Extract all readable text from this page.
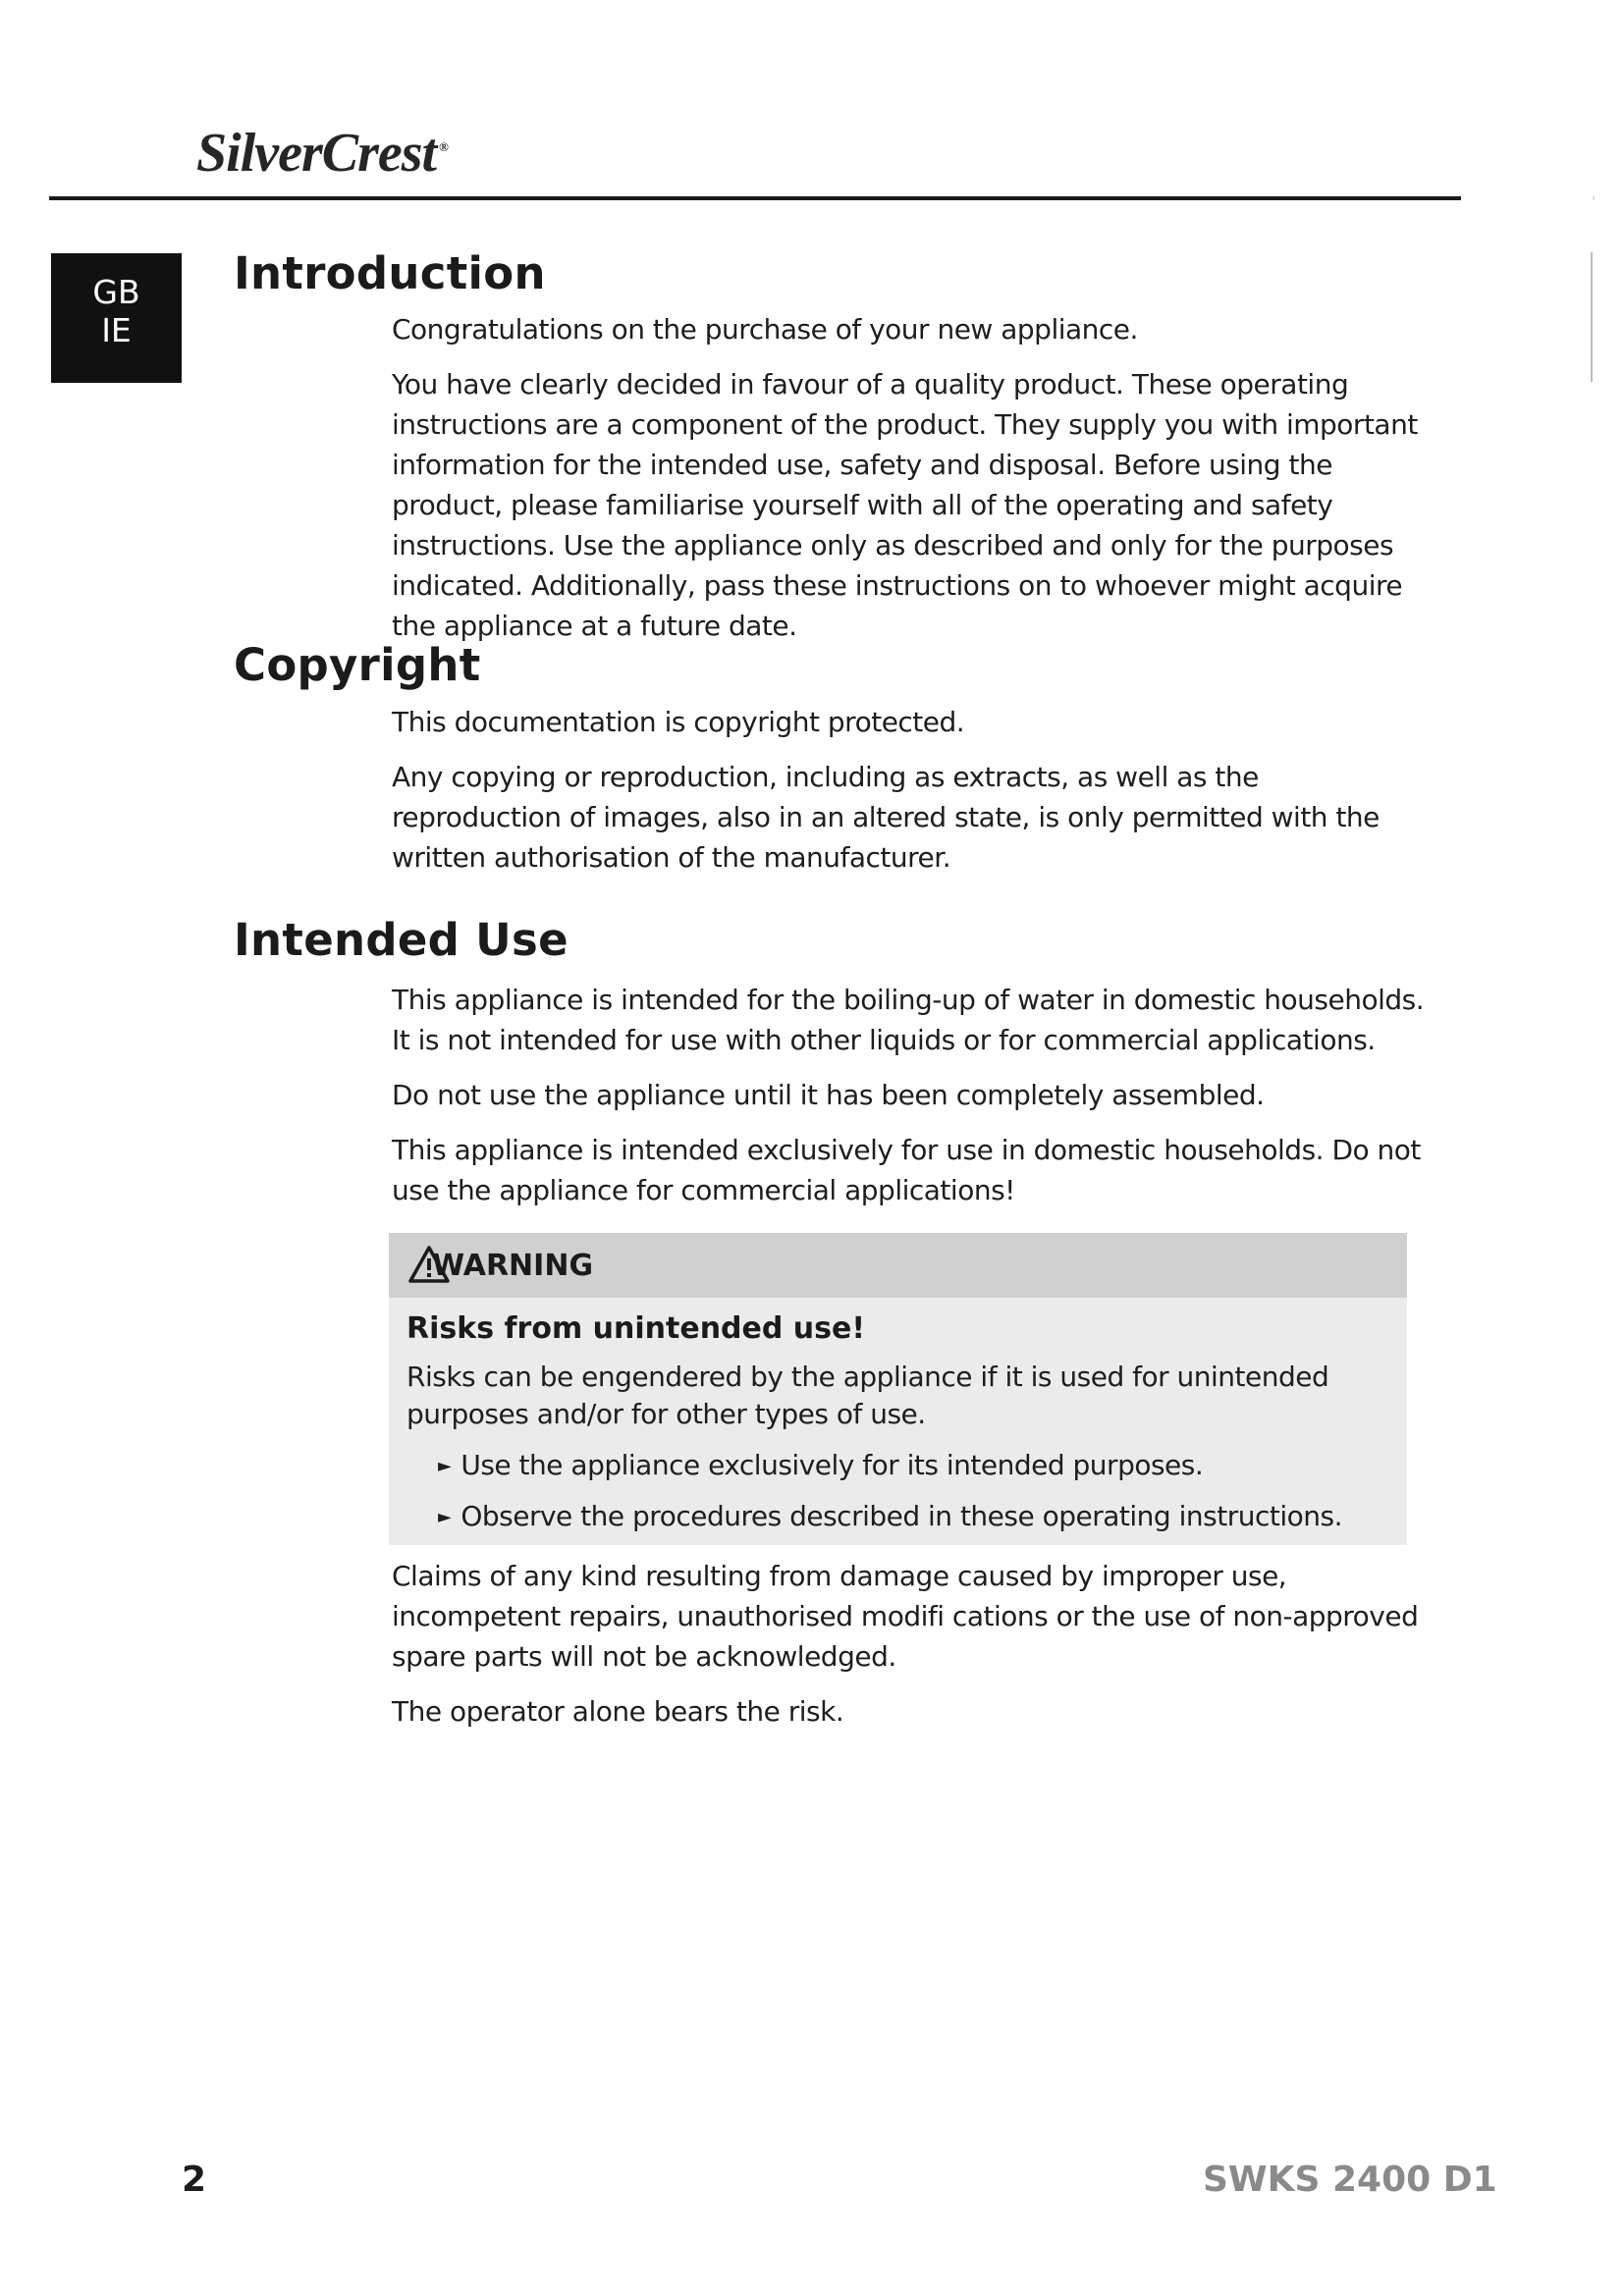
SilverCrest ®
GB
IE
Introduction

Congratulations on the purchase of your new appliance.

You have clearly decided in favour of a quality product. These operating instructions are a component of the product. They supply you with important information for the intended use, safety and disposal. Before using the product, please familiarise yourself with all of the operating and safety instructions. Use the appliance only as described and only for the purposes indicated. Additionally, pass these instructions on to whoever might acquire the appliance at a future date.

Copyright

This documentation is copyright protected.

Any copying or reproduction, including as extracts, as well as the reproduction of images, also in an altered state, is only permitted with the written authorisation of the manufacturer.

Intended Use

This appliance is intended for the boiling-up of water in domestic households. It is not intended for use with other liquids or for commercial applications.

Do not use the appliance until it has been completely assembled.

This appliance is intended exclusively for use in domestic households. Do not use the appliance for commercial applications!

WARNING
Risks from unintended use!
Risks can be engendered by the appliance if it is used for unintended purposes and/or for other types of use.
► Use the appliance exclusively for its intended purposes.
► Observe the procedures described in these operating instructions.

Claims of any kind resulting from damage caused by improper use, incompetent repairs, unauthorised modifi cations or the use of non-approved spare parts will not be acknowledged.

The operator alone bears the risk.

2	SWKS 2400 D1
